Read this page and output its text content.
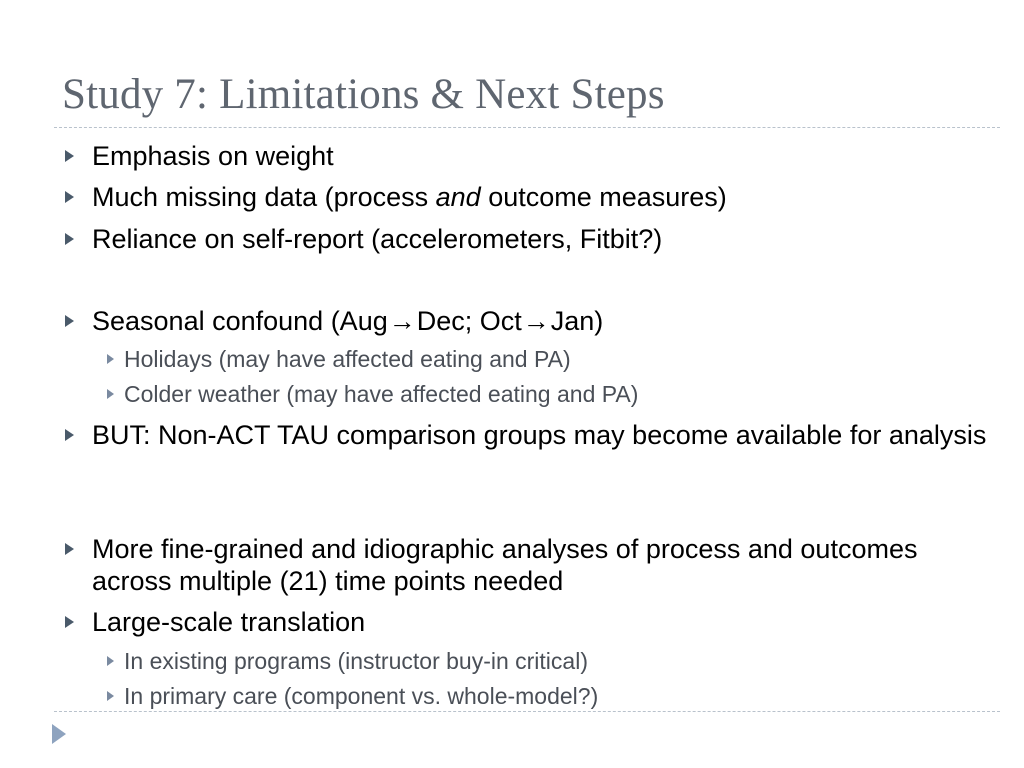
Study 7: Limitations & Next Steps
Emphasis on weight
Much missing data (process and outcome measures)
Reliance on self-report (accelerometers, Fitbit?)
Seasonal confound (Aug→Dec; Oct→Jan)
Holidays (may have affected eating and PA)
Colder weather (may have affected eating and PA)
BUT: Non-ACT TAU comparison groups may become available for analysis
More fine-grained and idiographic analyses of process and outcomes across multiple (21) time points needed
Large-scale translation
In existing programs (instructor buy-in critical)
In primary care (component vs. whole-model?)
